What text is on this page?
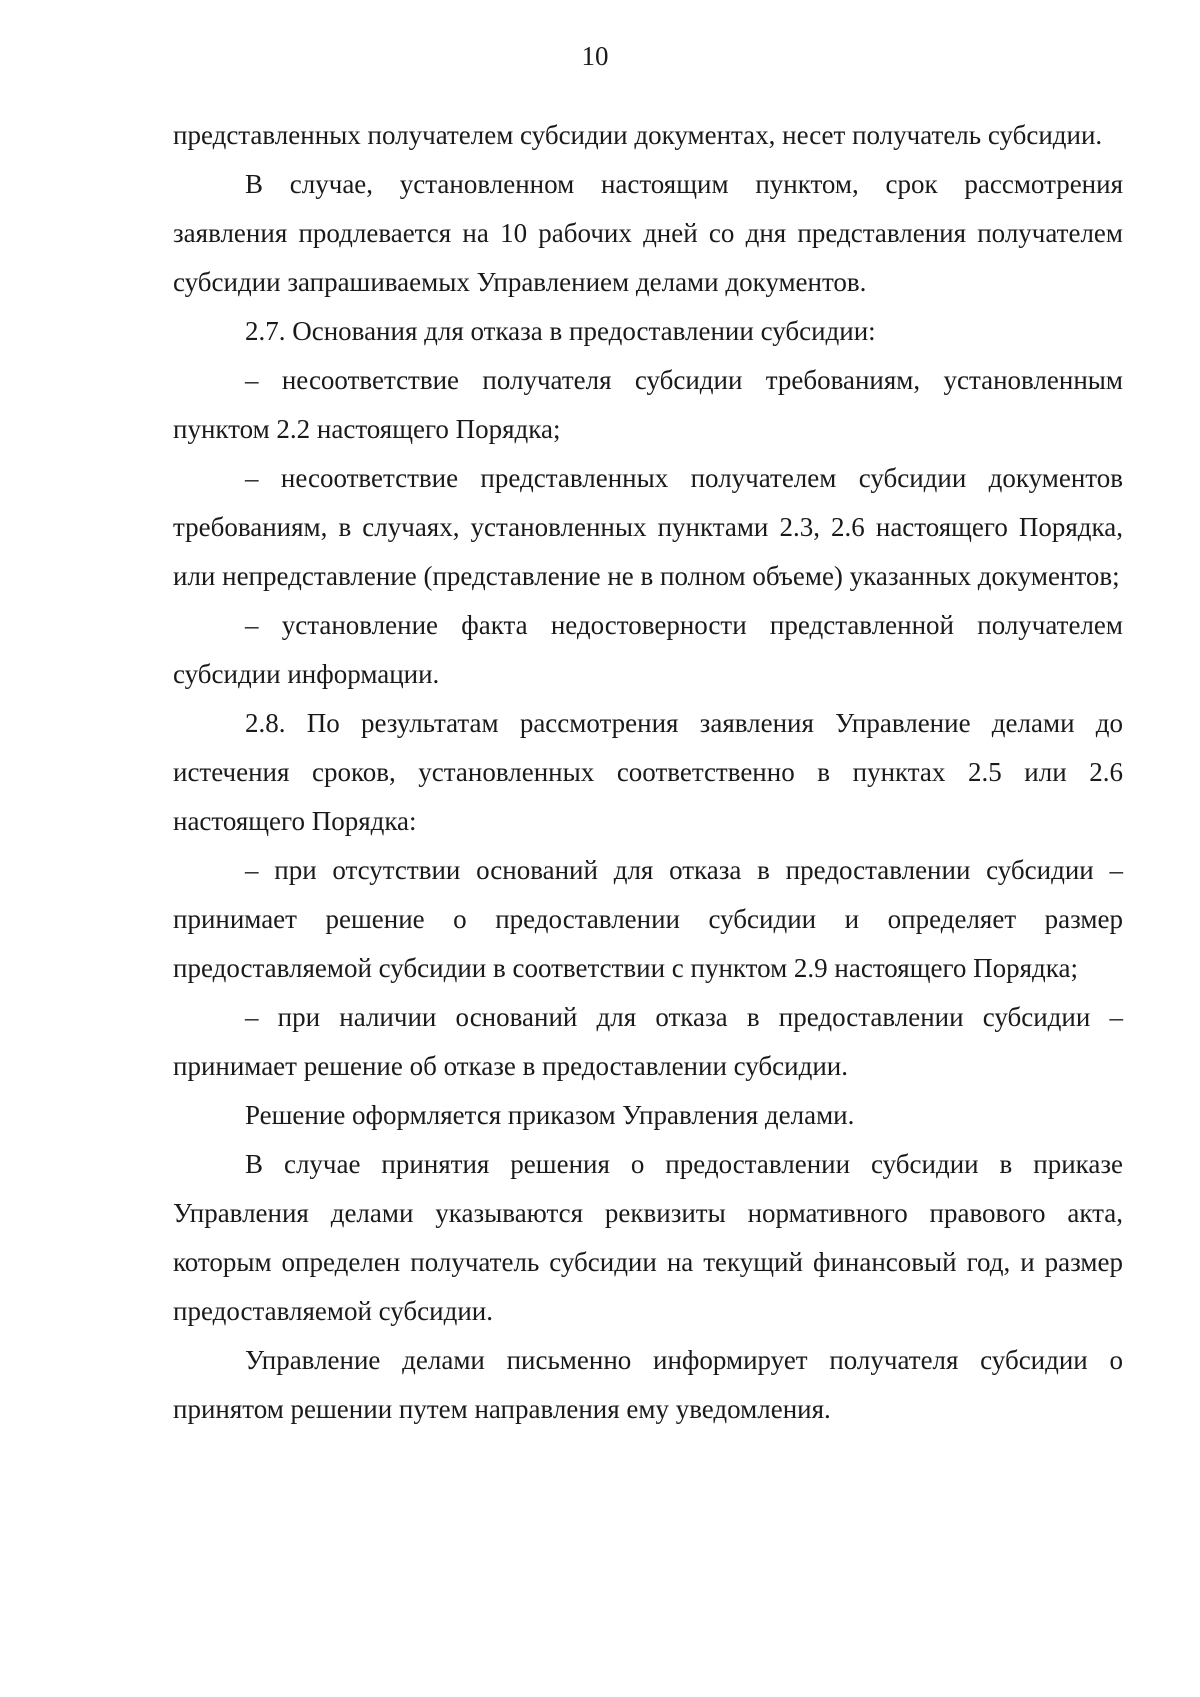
10

представленных получателем субсидии документах, несет получатель субсидии.

В случае, установленном настоящим пунктом, срок рассмотрения заявления продлевается на 10 рабочих дней со дня представления получателем субсидии запрашиваемых Управлением делами документов.

2.7. Основания для отказа в предоставлении субсидии:

– несоответствие получателя субсидии требованиям, установленным пунктом 2.2 настоящего Порядка;

– несоответствие представленных получателем субсидии документов требованиям, в случаях, установленных пунктами 2.3, 2.6 настоящего Порядка, или непредставление (представление не в полном объеме) указанных документов;

– установление факта недостоверности представленной получателем субсидии информации.

2.8. По результатам рассмотрения заявления Управление делами до истечения сроков, установленных соответственно в пунктах 2.5 или 2.6 настоящего Порядка:

– при отсутствии оснований для отказа в предоставлении субсидии – принимает решение о предоставлении субсидии и определяет размер предоставляемой субсидии в соответствии с пунктом 2.9 настоящего Порядка;

– при наличии оснований для отказа в предоставлении субсидии – принимает решение об отказе в предоставлении субсидии.

Решение оформляется приказом Управления делами.

В случае принятия решения о предоставлении субсидии в приказе Управления делами указываются реквизиты нормативного правового акта, которым определен получатель субсидии на текущий финансовый год, и размер предоставляемой субсидии.

Управление делами письменно информирует получателя субсидии о принятом решении путем направления ему уведомления.
